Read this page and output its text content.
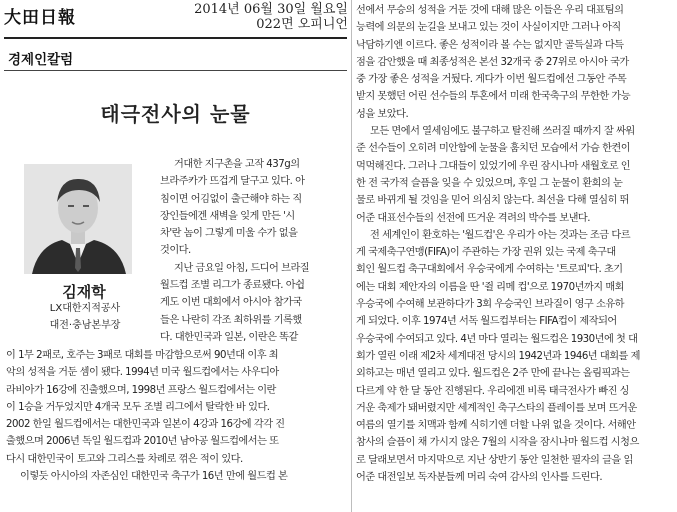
大田日報	2014년 06월 30일 월요일
022면 오피니언
경제인칼럼
태극전사의 눈물
김재학
LX대한지적공사
대전·충남본부장
거대한 지구촌을 고작 437g의
브라주카가 뜨겁게 달구고 있다. 아
침이면 어김없이 출근해야 하는 직
장인들에겐 새벽을 잊게 만든 '시
차'란 놈이 그렇게 미울 수가 없을
것이다.
지난 금요일 아침, 드디어 브라질
월드컵 조별 리그가 종료됐다. 아쉽
게도 이번 대회에서 아시아 참가국
들은 나란히 각조 최하위를 기록했
다. 대한민국과 일본, 이란은 똑같
이 1무 2패로, 호주는 3패로 대회를 마감함으로써 90년대 이후 최
악의 성적을 거둔 셈이 됐다. 1994년 미국 월드컵에서는 사우디아
라비아가 16강에 진출했으며, 1998년 프랑스 월드컵에서는 이란
이 1승을 거두었지만 4개국 모두 조별 리그에서 탈락한 바 있다.
2002 한일 월드컵에서는 대한민국과 일본이 4강과 16강에 각각 진
출했으며 2006년 독일 월드컵과 2010년 남아공 월드컵에서는 또
다시 대한민국이 토고와 그리스를 차례로 꺾은 적이 있다.
이렇듯 아시아의 자존심인 대한민국 축구가 16년 만에 월드컵 본
선에서 무승의 성적을 거둔 것에 대해 많은 이들은 우리 대표팀의
능력에 의문의 눈길을 보내고 있는 것이 사실이지만 그러나 아직
낙담하기엔 이르다. 좋은 성적이라 볼 수는 없지만 골득실과 다득
점을 감안했을 때 최종성적은 본선 32개국 중 27위로 아시아 국가
중 가장 좋은 성적을 거뒀다. 게다가 이번 월드컵에선 그동안 주목
받지 못했던 어린 선수들의 투혼에서 미래 한국축구의 무한한 가능
성을 보았다.
모든 면에서 열세임에도 불구하고 탈진해 쓰러질 때까지 잘 싸워
준 선수들이 오히려 미안함에 눈물을 훔치던 모습에서 가슴 한켠이
먹먹해진다. 그러나 그대들이 있었기에 우린 잠시나마 새월호로 인
한 전 국가적 슬픔을 잊을 수 있었으며, 후일 그 눈물이 환희의 눈
물로 바뀌게 될 것임을 믿어 의심치 않는다. 최선을 다해 열심히 뛰
어준 대표선수들의 선전에 뜨거운 격려의 박수를 보낸다.
전 세계인이 환호하는 '월드컵'은 우리가 아는 것과는 조금 다르
게 국제축구연맹(FIFA)이 주관하는 가장 권위 있는 국제 축구대
회인 월드컵 축구대회에서 우승국에게 수여하는 '트로피'다. 초기
에는 대회 제안자의 이름을 딴 '쥘 리메 컵'으로 1970년까지 매회
우승국에 수여해 보관하다가 3회 우승국인 브라질이 영구 소유하
게 되었다. 이후 1974년 서독 월드컵부터는 FIFA컵이 제작되어
우승국에 수여되고 있다. 4년 마다 열리는 월드컵은 1930년에 첫 대
회가 열린 이래 제2차 세계대전 당시의 1942년과 1946년 대회를 제
외하고는 매년 열리고 있다. 월드컵은 2주 만에 끝나는 올림픽과는
다르게 약 한 달 동안 진행된다. 우리에겐 비록 태극전사가 빠진 싱
거운 축제가 돼버렸지만 세계적인 축구스타의 플레이를 보며 뜨거운
여름의 열기를 치맥과 함께 식히기엔 더할 나위 없을 것이다. 서해안
참사의 슬픔이 채 가시지 않은 7월의 시작을 잠시나마 월드컵 시청으
로 달래보면서 마지막으로 지난 상반기 동안 일천한 필자의 글을 읽
어준 대전일보 독자분들께 머리 숙여 감사의 인사를 드린다.
